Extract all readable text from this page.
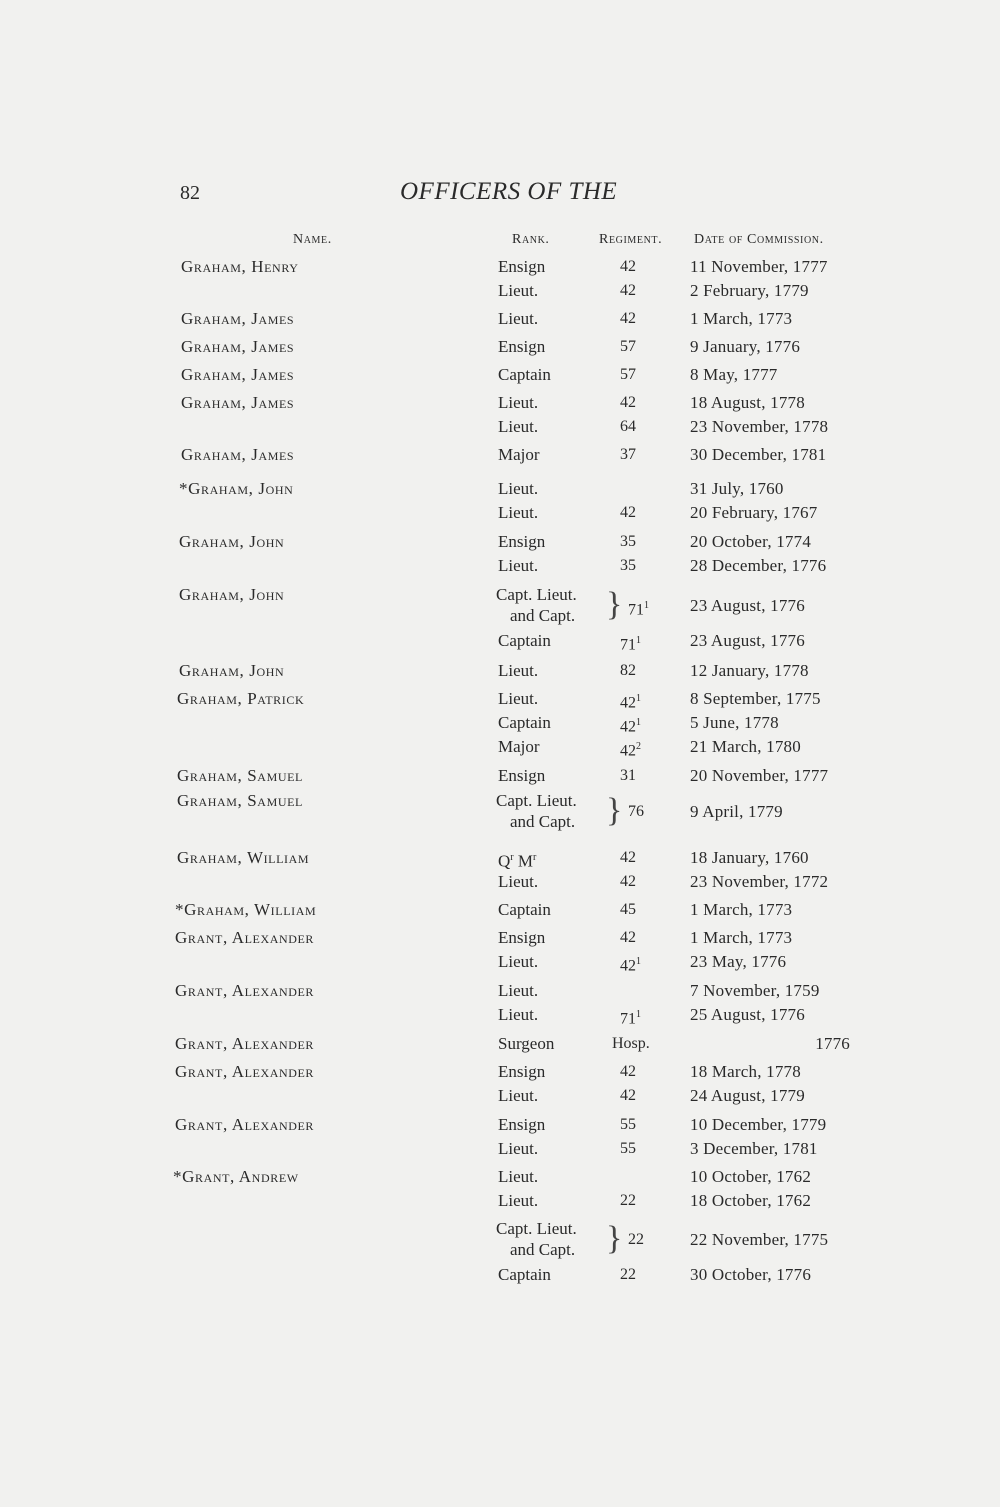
82	OFFICERS OF THE
Name.	Rank.	Regiment. Date of Commission.
Graham, Henry	Ensign	42	11 November, 1777
Lieut.	42	2 February, 1779
Graham, James	Lieut.	42	1 March, 1773
Graham, James	Ensign	57	9 January, 1776
Graham, James	Captain	57	8 May, 1777
Graham, James	Lieut.	42	18 August, 1778
Lieut.	64	23 November, 1778
Graham, James	Major	37	30 December, 1781
*Graham, John	Lieut.	31 July, 1760
Lieut.	42	20 February, 1767
Graham, John	Ensign	35	20 October, 1774
Lieut.	35	28 December, 1776
Graham, John	Capt. Lieut.
and Capt. } $71^1$ 23 August, 1776
Captain	$71^1$	23 August, 1776
Graham, John	Lieut.	82	12 January, 1778
Graham, Patrick	Lieut.	$42^1$	8 September, 1775
Captain	$42^1$	5 June, 1778
Major	$42^2$	21 March, 1780
Graham, Samuel	Ensign	31	20 November, 1777
Graham, Samuel	Capt. Lieut.
and Capt. } 76	9 April, 1779
Graham, William	$Q^r$ $M^r$	42	18 January, 1760
Lieut.	42	23 November, 1772
*Graham, William	Captain	45	1 March, 1773
Grant, Alexander	Ensign	42	1 March, 1773
Lieut.	$42^1$	23 May, 1776
Grant, Alexander	Lieut.	7 November, 1759
Lieut.	$71^1$	25 August, 1776
Grant, Alexander	Surgeon	Hosp.	1776
Grant, Alexander	Ensign	42	18 March, 1778
Lieut.	42	24 August, 1779
Grant, Alexander	Ensign	55	10 December, 1779
Lieut.	55	3 December, 1781
*Grant, Andrew	Lieut.	10 October, 1762
Lieut.	22	18 October, 1762
Capt. Lieut.
and Capt. } 22	22 November, 1775
Captain	22	30 October, 1776
